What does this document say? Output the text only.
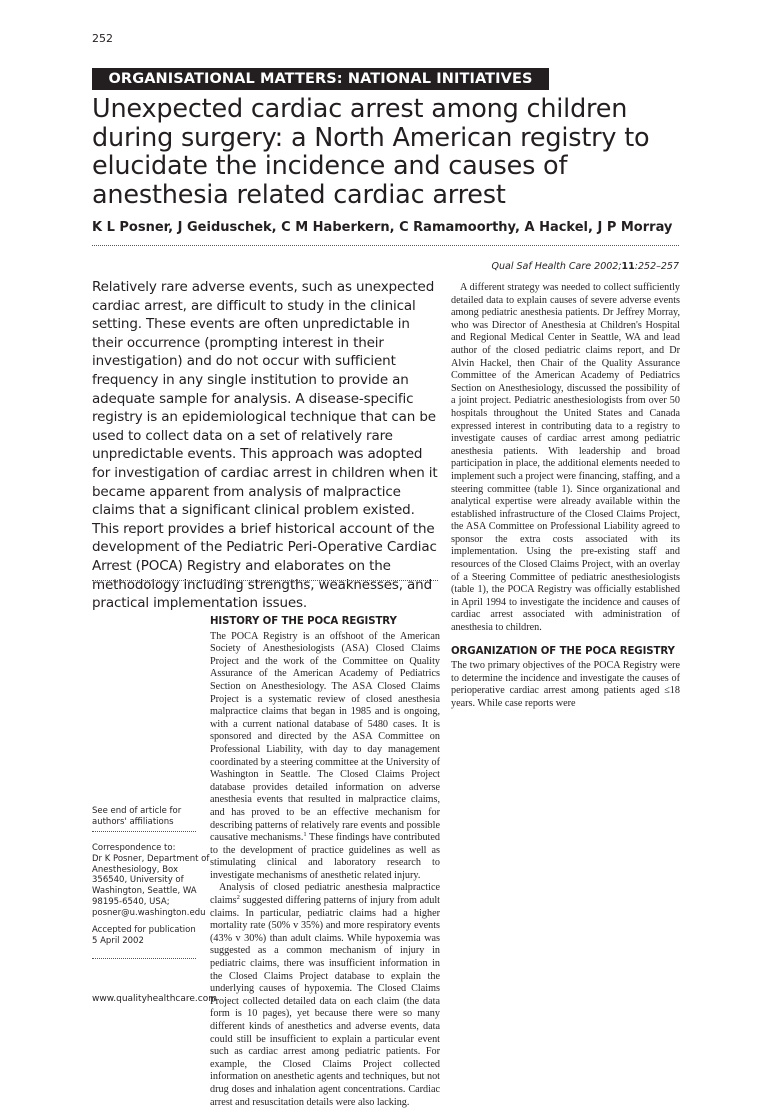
252
ORGANISATIONAL MATTERS: NATIONAL INITIATIVES
Unexpected cardiac arrest among children during surgery: a North American registry to elucidate the incidence and causes of anesthesia related cardiac arrest
K L Posner, J Geiduschek, C M Haberkern, C Ramamoorthy, A Hackel, J P Morray
Qual Saf Health Care 2002;11:252–257

Relatively rare adverse events, such as unexpected cardiac arrest, are difficult to study in the clinical setting. These events are often unpredictable in their occurrence (prompting interest in their investigation) and do not occur with sufficient frequency in any single institution to provide an adequate sample for analysis. A disease-specific registry is an epidemiological technique that can be used to collect data on a set of relatively rare unpredictable events. This approach was adopted for investigation of cardiac arrest in children when it became apparent from analysis of malpractice claims that a significant clinical problem existed. This report provides a brief historical account of the development of the Pediatric Peri-Operative Cardiac Arrest (POCA) Registry and elaborates on the methodology including strengths, weaknesses, and practical implementation issues.

See end of article for
authors' affiliations
Correspondence to:
Dr K Posner, Department of
Anesthesiology, Box
356540, University of
Washington, Seattle, WA
98195-6540, USA;
posner@u.washington.edu
Accepted for publication
5 April 2002
HISTORY OF THE POCA REGISTRY

The POCA Registry is an offshoot of the American Society of Anesthesiologists (ASA) Closed Claims Project and the work of the Committee on Quality Assurance of the American Academy of Pediatrics Section on Anesthesiology. The ASA Closed Claims Project is a systematic review of closed anesthesia malpractice claims that began in 1985 and is ongoing, with a current national database of 5480 cases. It is sponsored and directed by the ASA Committee on Professional Liability, with day to day management coordinated by a steering committee at the University of Washington in Seattle. The Closed Claims Project database provides detailed information on adverse anesthesia events that resulted in malpractice claims, and has proved to be an effective mechanism for describing patterns of relatively rare events and possible causative mechanisms.$^1$ These findings have contributed to the development of practice guidelines as well as stimulating clinical and laboratory research to investigate mechanisms of anesthetic related injury.

Analysis of closed pediatric anesthesia malpractice claims$^2$ suggested differing patterns of injury from adult claims. In particular, pediatric claims had a higher mortality rate (50% v 35%) and more respiratory events (43% v 30%) than adult claims. While hypoxemia was suggested as a common mechanism of injury in pediatric claims, there was insufficient information in the Closed Claims Project database to explain the underlying causes of hypoxemia. The Closed Claims Project collected detailed data on each claim (the data form is 10 pages), yet because there were so many different kinds of anesthetics and adverse events, data could still be insufficient to explain a particular event such as cardiac arrest among pediatric patients. For example, the Closed Claims Project collected information on anesthetic agents and techniques, but not drug doses and inhalation agent concentrations. Cardiac arrest and resuscitation details were also lacking.

A different strategy was needed to collect sufficiently detailed data to explain causes of severe adverse events among pediatric anesthesia patients. Dr Jeffrey Morray, who was Director of Anesthesia at Children's Hospital and Regional Medical Center in Seattle, WA and lead author of the closed pediatric claims report, and Dr Alvin Hackel, then Chair of the Quality Assurance Committee of the American Academy of Pediatrics Section on Anesthesiology, discussed the possibility of a joint project. Pediatric anesthesiologists from over 50 hospitals throughout the United States and Canada expressed interest in contributing data to a registry to investigate causes of cardiac arrest among pediatric anesthesia patients. With leadership and broad participation in place, the additional elements needed to implement such a project were financing, staffing, and a steering committee (table 1). Since organizational and analytical expertise were already available within the established infrastructure of the Closed Claims Project, the ASA Committee on Professional Liability agreed to sponsor the extra costs associated with its implementation. Using the pre-existing staff and resources of the Closed Claims Project, with an overlay of a Steering Committee of pediatric anesthesiologists (table 1), the POCA Registry was officially established in April 1994 to investigate the incidence and causes of cardiac arrest associated with administration of anesthesia to children.

ORGANIZATION OF THE POCA REGISTRY

The two primary objectives of the POCA Registry were to determine the incidence and investigate the causes of perioperative cardiac arrest among patients aged ≤18 years. While case reports were

www.qualityhealthcare.com
